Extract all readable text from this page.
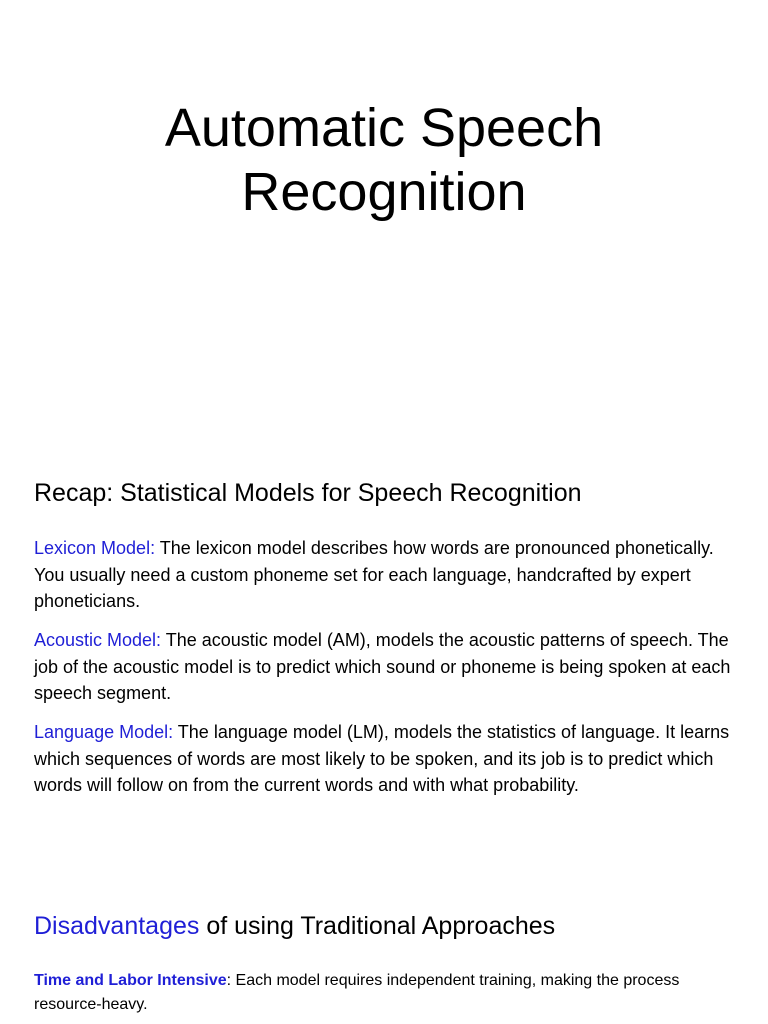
Automatic Speech
Recognition
Recap: Statistical Models for Speech Recognition

Lexicon Model: The lexicon model describes how words are pronounced phonetically. You usually need a custom phoneme set for each language, handcrafted by expert phoneticians.

Acoustic Model: The acoustic model (AM), models the acoustic patterns of speech. The job of the acoustic model is to predict which sound or phoneme is being spoken at each speech segment.

Language Model: The language model (LM), models the statistics of language. It learns which sequences of words are most likely to be spoken, and its job is to predict which words will follow on from the current words and with what probability.

Disadvantages of using Traditional Approaches

Time and Labor Intensive: Each model requires independent training, making the process resource-heavy.
